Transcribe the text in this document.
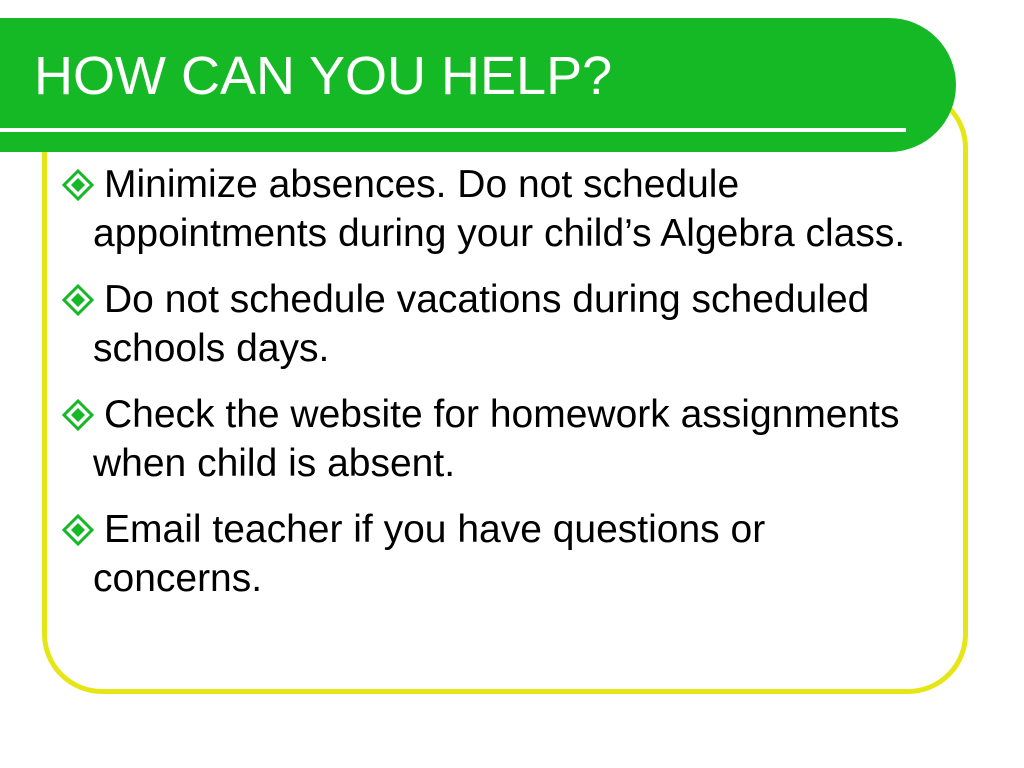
HOW CAN YOU HELP?
Minimize absences. Do not schedule appointments during your child’s Algebra class.
Do not schedule vacations during scheduled schools days.
Check the website for homework assignments when child is absent.
Email teacher if you have questions or concerns.
